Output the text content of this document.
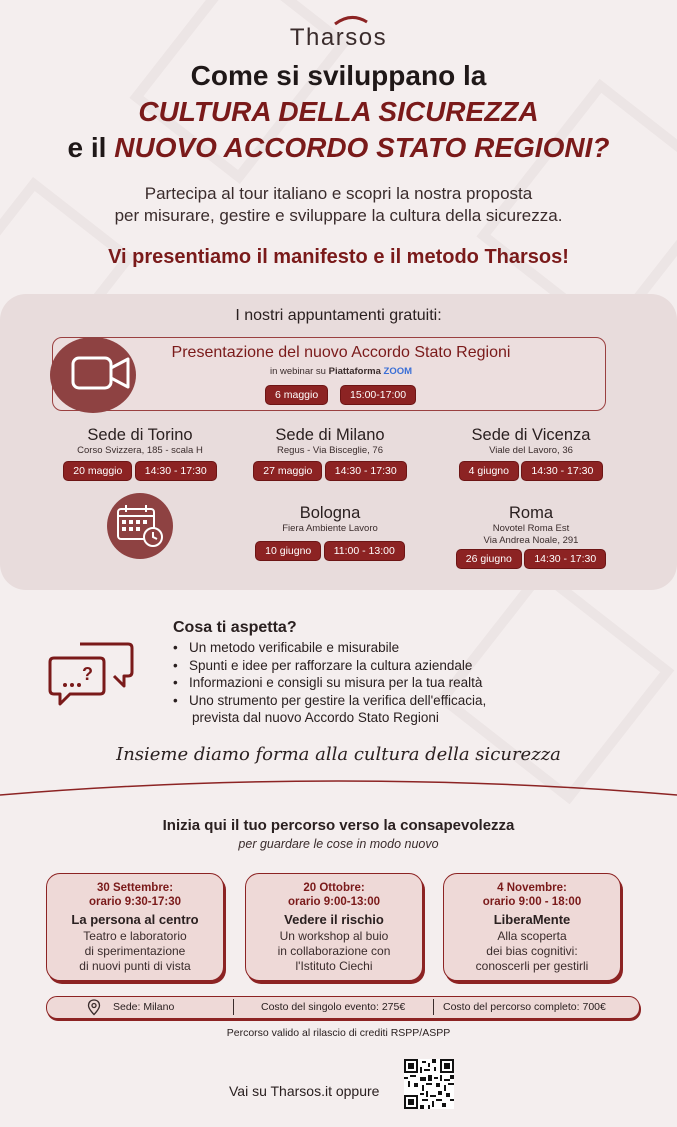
Tharsos
Come si sviluppano la
CULTURA DELLA SICUREZZA
e il NUOVO ACCORDO STATO REGIONI?
Partecipa al tour italiano e scopri la nostra proposta
per misurare, gestire e sviluppare la cultura della sicurezza.
Vi presentiamo il manifesto e il metodo Tharsos!
I nostri appuntamenti gratuiti:
Presentazione del nuovo Accordo Stato Regioni
in webinar su Piattaforma ZOOM
6 maggio	15:00-17:00
Sede di Torino
Corso Svizzera, 185 - scala H
20 maggio 14:30 - 17:30
Sede di Milano
Regus - Via Bisceglie, 76
27 maggio 14:30 - 17:30
Sede di Vicenza
Viale del Lavoro, 36
4 giugno 14:30 - 17:30
Bologna
Fiera Ambiente Lavoro
10 giugno 11:00 - 13:00
Roma
Novotel Roma Est
Via Andrea Noale, 291
26 giugno 14:30 - 17:30
?
Cosa ti aspetta?
• Un metodo verificabile e misurabile
• Spunti e idee per rafforzare la cultura aziendale
• Informazioni e consigli su misura per la tua realtà
• Uno strumento per gestire la verifica dell'efficacia,
prevista dal nuovo Accordo Stato Regioni
Insieme diamo forma alla cultura della sicurezza
Inizia qui il tuo percorso verso la consapevolezza
per guardare le cose in modo nuovo
30 Settembre:
orario 9:30-17:30
La persona al centro
Teatro e laboratorio
di sperimentazione
di nuovi punti di vista
20 Ottobre:
orario 9:00-13:00
Vedere il rischio
Un workshop al buio
in collaborazione con
l'Istituto Ciechi
4 Novembre:
orario 9:00 - 18:00
LiberaMente
Alla scoperta
dei bias cognitivi:
conoscerli per gestirli
Sede: Milano	Costo del singolo evento: 275€	Costo del percorso completo: 700€
Percorso valido al rilascio di crediti RSPP/ASPP
Vai su Tharsos.it oppure
